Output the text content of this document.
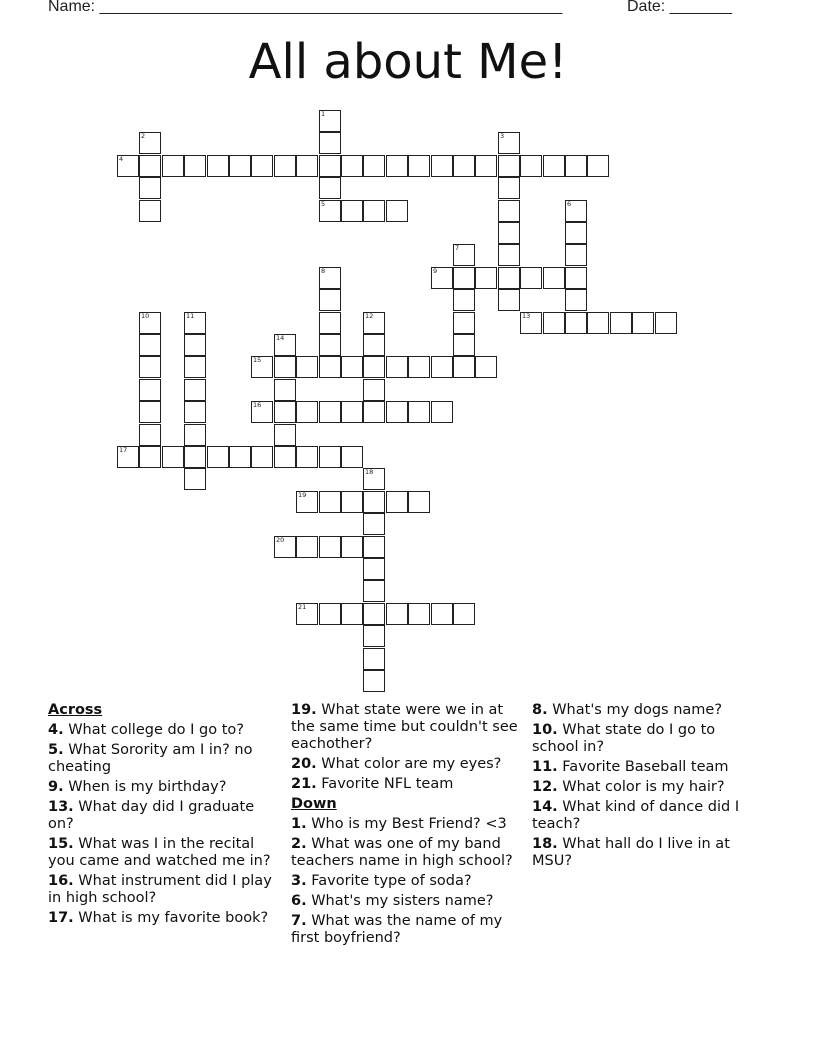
Name: ____________________________________________________	Date: _______
All about Me!
1
5
2	3
4
6
7
8	9
10	11	12	13
14
15
16
17
18
19
20
21
Across
4. What college do I go to?
5. What Sorority am I in? no cheating
9. When is my birthday?
13. What day did I graduate on?
15. What was I in the recital you came and watched me in?
16. What instrument did I play in high school?
17. What is my favorite book?
19. What state were we in at the same time but couldn't see eachother?
20. What color are my eyes?
21. Favorite NFL team
Down
1. Who is my Best Friend? <3
2. What was one of my band teachers name in high school?
3. Favorite type of soda?
6. What's my sisters name?
7. What was the name of my first boyfriend?
8. What's my dogs name?
10. What state do I go to school in?
11. Favorite Baseball team
12. What color is my hair?
14. What kind of dance did I teach?
18. What hall do I live in at MSU?
